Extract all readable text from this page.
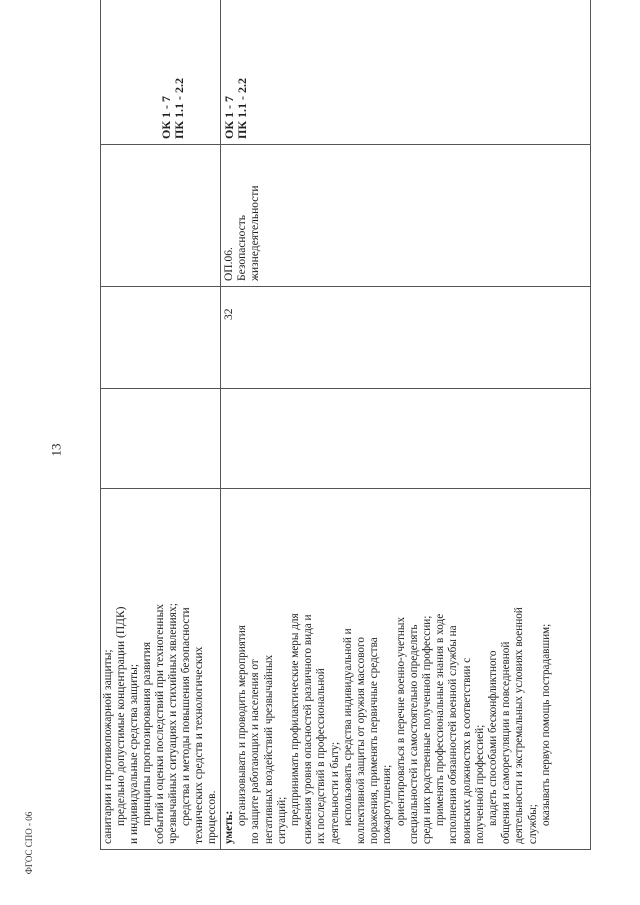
13
ФГОС СПО - 06	санитарии и противопожарной защиты; предельно допустимые концентрации (ПДК) и индивидуальные средства защиты; принципы прогнозирования развития событий и оценки последствий при техногенных чрезвычайных ситуациях и стихийных явлениях; средства и методы повышения безопасности технических средств и технологических процессов.

ОК 1 - 7 ПК 1.1 - 2.2

уметь:

организовывать и проводить мероприятия по защите работающих и населения от негативных воздействий чрезвычайных ситуаций; предпринимать профилактические меры для снижения уровня опасностей различного вида и их последствий в профессиональной деятельности и быту; использовать средства индивидуальной и коллективной защиты от оружия массового поражения, применять первичные средства пожаротушения; ориентироваться в перечне военно-учетных специальностей и самостоятельно определять среди них родственные полученной профессии; применять профессиональные знания в ходе исполнения обязанностей военной службы на воинских должностях в соответствии с полученной профессией; владеть способами бесконфликтного общения и саморегуляции в повседневной деятельности и экстремальных условиях военной службы; оказывать первую помощь пострадавшим;

32

ОП.06. Безопасность жизнедеятельности

ОК 1 - 7 ПК 1.1 - 2.2
